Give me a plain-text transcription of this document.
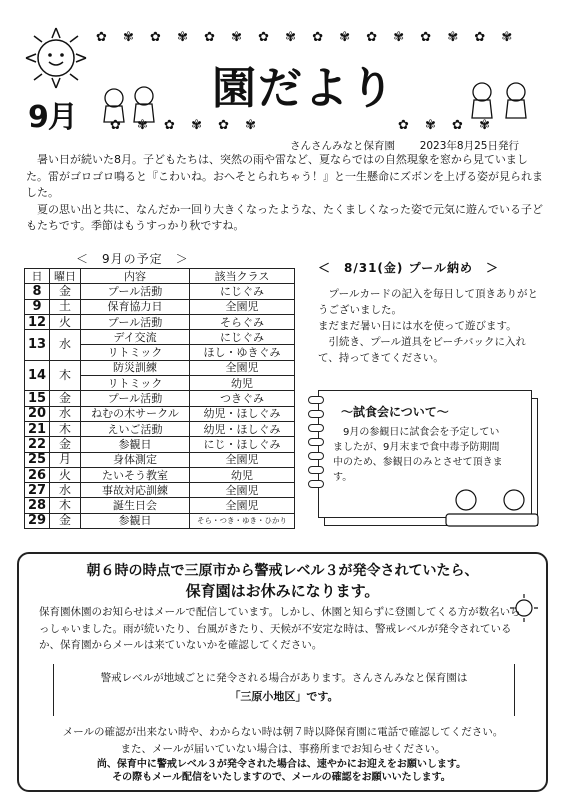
✿ ✾ ✿ ✾ ✿ ✾ ✿ ✾ ✿ ✾ ✿ ✾ ✿ ✾ ✿ ✾
✿ ✾ ✿ ✾ ✿ ✾	✿ ✾ ✿ ✾
9月
園だより
さんさんみなと保育園 2023年8月25日発行

暑い日が続いた8月。子どもたちは、突然の雨や雷など、夏ならではの自然現象を窓から見ていました。雷がゴロゴロ鳴ると『こわいね。おへそとられちゃう！』と一生懸命にズボンを上げる姿が見られました。

夏の思い出と共に、なんだか一回り大きくなったような、たくましくなった姿で元気に遊んでいる子どもたちです。季節はもうすっかり秋ですね。

＜　9月の予定　＞
日	曜日	内容	該当クラス
8	金	プール活動	にじぐみ
9	土	保育協力日	全園児
12	火	プール活動	そらぐみ
13	水	デイ交流	にじぐみ
		リトミック	ほし・ゆきぐみ
14	木	防災訓練	全園児
		リトミック	幼児
15	金	プール活動	つきぐみ
20	水	ねむの木サークル	幼児・ほしぐみ
21	木	えいご活動	幼児・ほしぐみ
22	金	参観日	にじ・ほしぐみ
25	月	身体測定	全園児
26	火	たいそう教室	幼児
27	水	事故対応訓練	全園児
28	木	誕生日会	全園児
29	金	参観日	そら・つき・ゆき・ひかり
＜　8/31(金) プール納め　＞

プールカードの記入を毎日して頂きありがとうございました。

まだまだ暑い日には水を使って遊びます。

引続き、プール道具をビーチバックに入れて、持ってきてください。

～試食会について～

9月の参観日に試食会を予定していましたが、9月末まで食中毒予防期間中のため、参観日のみとさせて頂きます。

朝６時の時点で三原市から警戒レベル３が発令されていたら、
保育園はお休みになります。

保育園休園のお知らせはメールで配信しています。しかし、休園と知らずに登園してくる方が数名いらっしゃいました。雨が続いたり、台風がきたり、天候が不安定な時は、警戒レベルが発令されているか、保育園からメールは来ていないかを確認してください。

警戒レベルが地域ごとに発令される場合があります。さんさんみなと保育園は
「三原小地区」です。

メールの確認が出来ない時や、わからない時は朝７時以降保育園に電話で確認してください。

また、メールが届いていない場合は、事務所までお知らせください。

尚、保育中に警戒レベル３が発令された場合は、速やかにお迎えをお願いします。

その際もメール配信をいたしますので、メールの確認をお願いいたします。
